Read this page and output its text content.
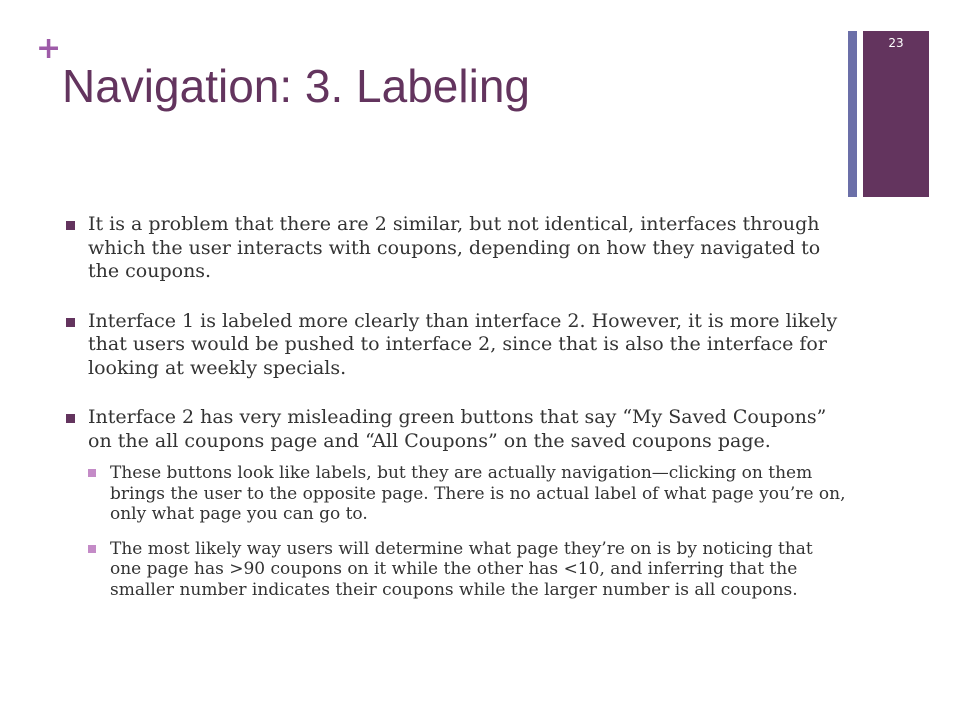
+
Navigation: 3. Labeling
23
It is a problem that there are 2 similar, but not identical, interfaces through which the user interacts with coupons, depending on how they navigated to the coupons.
Interface 1 is labeled more clearly than interface 2. However, it is more likely that users would be pushed to interface 2, since that is also the interface for looking at weekly specials.
Interface 2 has very misleading green buttons that say “My Saved Coupons” on the all coupons page and “All Coupons” on the saved coupons page.
These buttons look like labels, but they are actually navigation—clicking on them brings the user to the opposite page. There is no actual label of what page you’re on, only what page you can go to.
The most likely way users will determine what page they’re on is by noticing that one page has >90 coupons on it while the other has <10, and inferring that the smaller number indicates their coupons while the larger number is all coupons.
